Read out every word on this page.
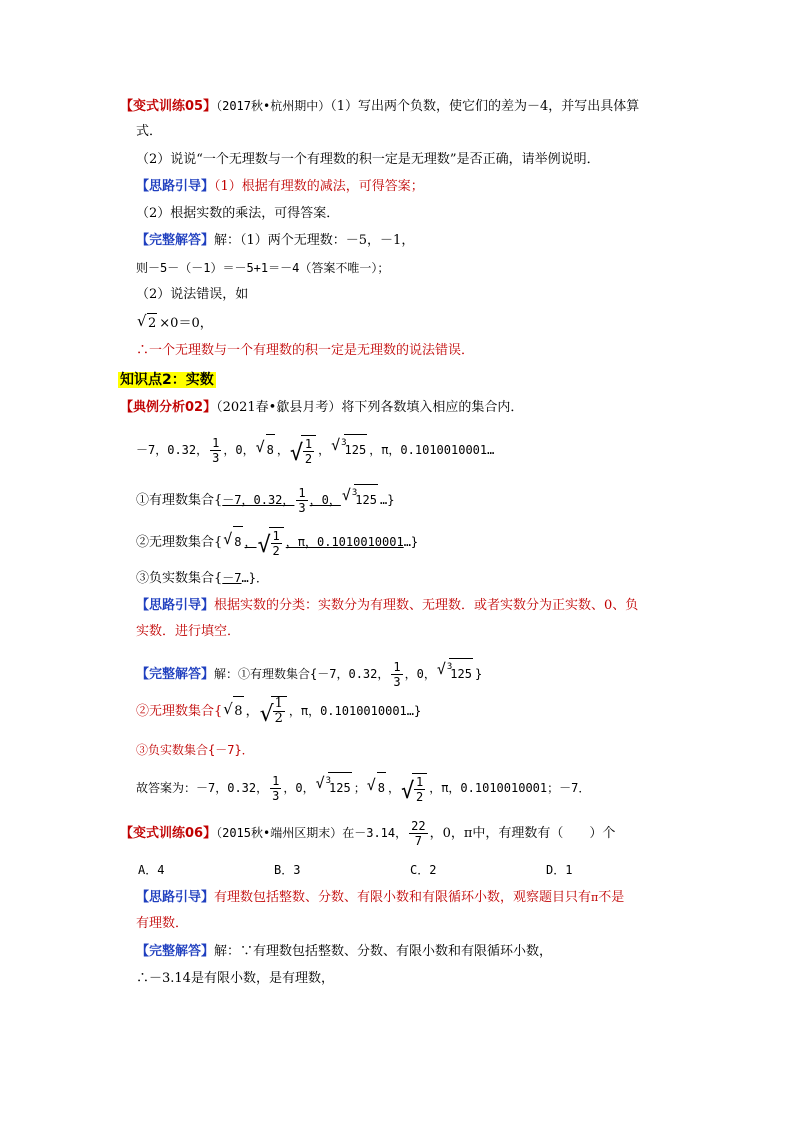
【变式训练05】（2017秋•杭州期中）（1）写出两个负数，使它们的差为－4，并写出具体算
式．
（2）说说“一个无理数与一个有理数的积一定是无理数”是否正确，请举例说明．
【思路引导】（1）根据有理数的减法，可得答案；
（2）根据实数的乘法，可得答案．
【完整解答】解：（1）两个无理数：－5，－1，
则－5－（－1）＝－5+1＝－4（答案不唯一）；
（2）说法错误，如
√ 2 ×0＝0，
∴一个无理数与一个有理数的积一定是无理数的说法错误．
知识点2：实数
【典例分析02】（2021春•歙县月考）将下列各数填入相应的集合内．
－7，0.32， $\frac{1}{3}$ ，0， √ 8 ， √ $\frac{1}{2}$ ， √ $^3$125 ，π，0.1010010001…
①有理数集合{－7，0.32， $\frac{1}{3}$ ，0， √ $^3$125 …}
②无理数集合{ √ 8 ， √ $\frac{1}{2}$ ，π，0.1010010001…}
③负实数集合{－7…}．
【思路引导】根据实数的分类：实数分为有理数、无理数．或者实数分为正实数、0、负
实数．进行填空．
【完整解答】解：①有理数集合{－7，0.32， $\frac{1}{3}$ ，0， √ $^3$125 }
②无理数集合{ √ 8 ， √ $\frac{1}{2}$ ，π，0.1010010001…}
③负实数集合{－7}．
故答案为：－7，0.32， $\frac{1}{3}$ ，0， √ $^3$125 ； √ 8 ， √ $\frac{1}{2}$ ，π，0.1010010001；－7．
【变式训练06】（2015秋•端州区期末）在－3.14， $\frac{22}{7}$ ，0，π中，有理数有（　　）个
A．4	B．3	C．2	D．1
【思路引导】有理数包括整数、分数、有限小数和有限循环小数，观察题目只有π不是
有理数．
【完整解答】解：∵有理数包括整数、分数、有限小数和有限循环小数，
∴－3.14是有限小数，是有理数，
